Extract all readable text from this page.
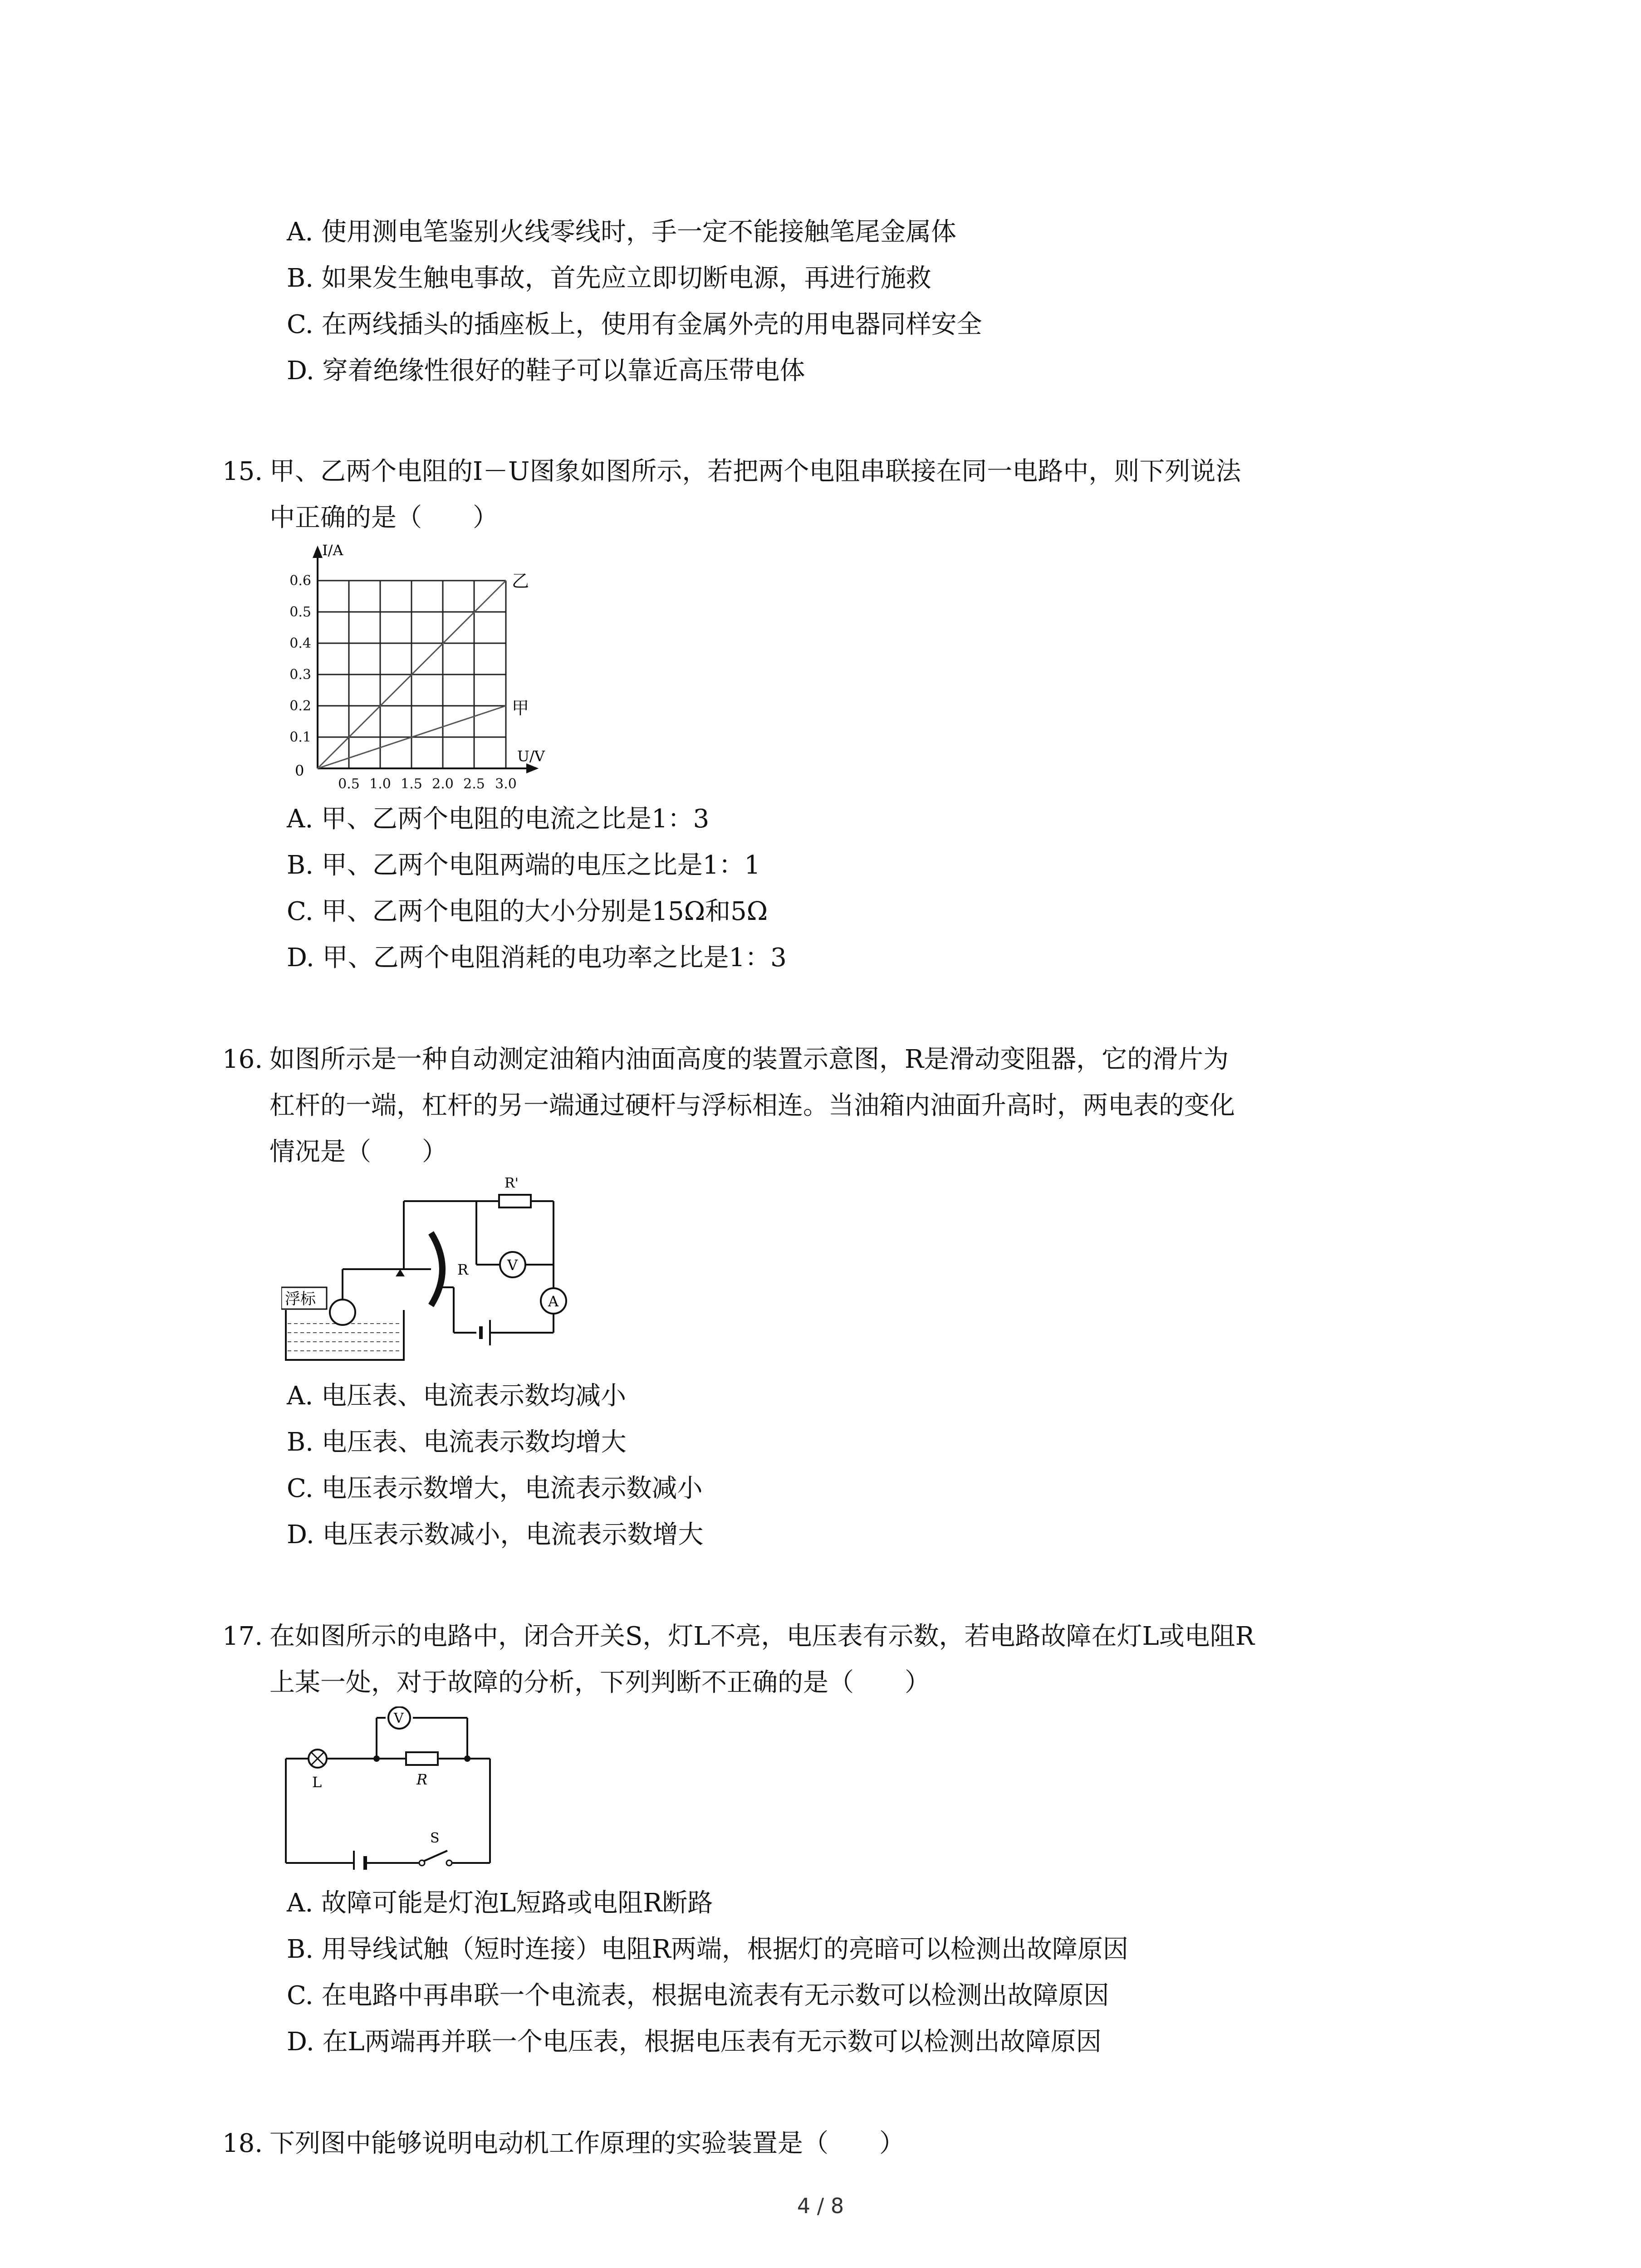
A. 使用测电笔鉴别火线零线时，手一定不能接触笔尾金属体
B. 如果发生触电事故，首先应立即切断电源，再进行施救
C. 在两线插头的插座板上，使用有金属外壳的用电器同样安全
D. 穿着绝缘性很好的鞋子可以靠近高压带电体
15. 甲、乙两个电阻的I－U图象如图所示，若把两个电阻串联接在同一电路中，则下列说法
中正确的是（　　）
I/A
U/V
0
0.6
0.5
0.4
0.3
0.2
0.1
0.5 1.0 1.5 2.0 2.5 3.0
乙
甲
A. 甲、乙两个电阻的电流之比是1：3
B. 甲、乙两个电阻两端的电压之比是1：1
C. 甲、乙两个电阻的大小分别是15Ω和5Ω
D. 甲、乙两个电阻消耗的电功率之比是1：3
16. 如图所示是一种自动测定油箱内油面高度的装置示意图，R是滑动变阻器，它的滑片为
杠杆的一端，杠杆的另一端通过硬杆与浮标相连。当油箱内油面升高时，两电表的变化
情况是（　　）
浮标
R
R'
V
A
A. 电压表、电流表示数均减小
B. 电压表、电流表示数均增大
C. 电压表示数增大，电流表示数减小
D. 电压表示数减小，电流表示数增大
17. 在如图所示的电路中，闭合开关S，灯L不亮，电压表有示数，若电路故障在灯L或电阻R
上某一处，对于故障的分析，下列判断不正确的是（　　）
L	R
V
S
A. 故障可能是灯泡L短路或电阻R断路
B. 用导线试触（短时连接）电阻R两端，根据灯的亮暗可以检测出故障原因
C. 在电路中再串联一个电流表，根据电流表有无示数可以检测出故障原因
D. 在L两端再并联一个电压表，根据电压表有无示数可以检测出故障原因
18. 下列图中能够说明电动机工作原理的实验装置是（　　）
4 / 8
